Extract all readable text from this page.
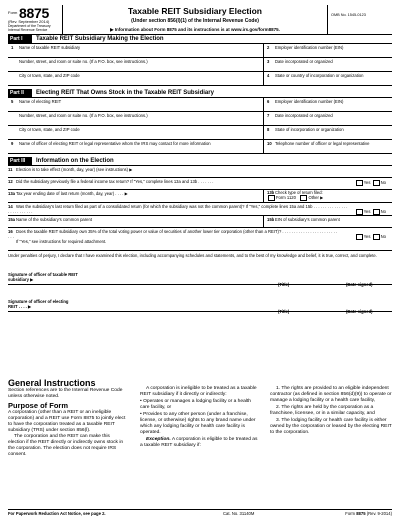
Form 8875
(Rev. September 2014)
Department of the Treasury Internal Revenue Service
Taxable REIT Subsidiary Election
(Under section 856(l)(1) of the Internal Revenue Code)
▶ Information about Form 8875 and its instructions is at www.irs.gov/form8875.
OMB No. 1545-0123
Part I	Taxable REIT Subsidiary Making the Election
1 Name of taxable REIT subsidiary	2 Employer identification number (EIN)
Number, street, and room or suite no. (If a P.O. box, see instructions.)	3 Date incorporated or organized
City or town, state, and ZIP code	4 State or country of incorporation or organization
Part II	Electing REIT That Owns Stock in the Taxable REIT Subsidiary
5 Name of electing REIT	6 Employer identification number (EIN)
Number, street, and room or suite no. (If a P.O. box, see instructions.)	7 Date incorporated or organized
City or town, state, and ZIP code	8 State of incorporation or organization
9 Name of officer of electing REIT or legal representative whom the IRS may contact for more information	10 Telephone number of officer or legal representative
Part III	Information on the Election
11 Election is to take effect (month, day, year) (see instructions) ▶
12 Did the subsidiary previously file a federal income tax return? If "Yes," complete lines 13a and 13b . . . . . . .	Yes No
13aTax year ending date of last return (month, day, year) . . . . ▶	13bCheck type of return filed:
Form 1120	Other ▶
14 Was the subsidiary's last return filed as part of a consolidated return (for which the subsidiary was not the common parent)? If "Yes," complete lines 15a and 15b . . . . . . . . . . . . . . . . . . . . . . . . . .	Yes No
15aName of the subsidiary's common parent	15bEIN of subsidiary's common parent
16 Does the taxable REIT subsidiary own 35% of the total voting power or value of securities of another lower tier corporation (other than a REIT)? . . . . . . . . . . . . . . . . . . . . . . . . . . .
If "Yes," see instructions for required attachment.
Yes No
Under penalties of perjury, I declare that I have examined this election, including accompanying schedules and statements, and to the best of my knowledge and belief, it is true, correct, and complete.
Signature of officer of taxable REIT subsidiary ▶
(Title)	(Date signed)
Signature of officer of electing REIT . . . . ▶
(Title)	(Date signed)
General Instructions
Section references are to the Internal Revenue Code unless otherwise noted.
Purpose of Form
A corporation (other than a REIT or an ineligible corporation) and a REIT use Form 8875 to jointly elect to have the corporation treated as a taxable REIT subsidiary (TRS) under section 856(l).
The corporation and the REIT can make this election if the REIT directly or indirectly owns stock in the corporation. The election does not require IRS consent.
A corporation is ineligible to be treated as a taxable REIT subsidiary if it directly or indirectly:
• Operates or manages a lodging facility or a health care facility, or
• Provides to any other person (under a franchise, license, or otherwise) rights to any brand name under which any lodging facility or health care facility is operated.
Exception. A corporation is eligible to be treated as a taxable REIT subsidiary if:
1. The rights are provided to an eligible independent contractor (as defined in section 856(d)(9)) to operate or manage a lodging facility or a health care facility,
2. The rights are held by the corporation as a franchisee, licensee, or in a similar capacity, and
3. The lodging facility or health care facility is either owned by the corporation or leased by the electing REIT to the corporation.
For Paperwork Reduction Act Notice, see page 2.	Cat. No. 31140M	Form 8875 (Rev. 9-2014)
